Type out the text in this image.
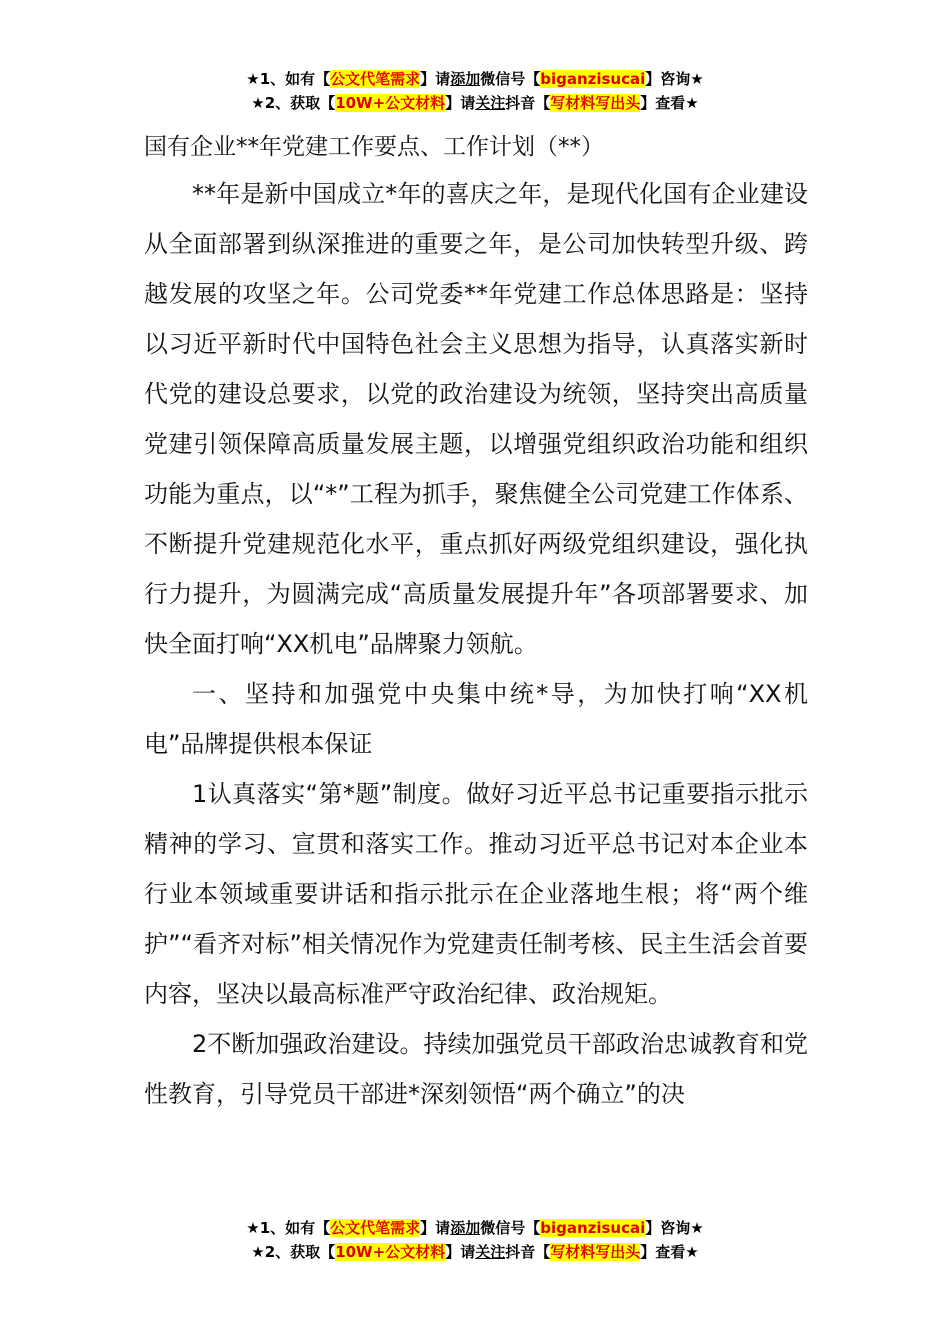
★1、如有【公文代笔需求】请添加微信号【biganzisucai】咨询★
★2、获取【10W+公文材料】请关注抖音【写材料写出头】查看★

国有企业**年党建工作要点、工作计划（**）

**年是新中国成立*年的喜庆之年，是现代化国有企业建设从全面部署到纵深推进的重要之年，是公司加快转型升级、跨越发展的攻坚之年。公司党委**年党建工作总体思路是：坚持以习近平新时代中国特色社会主义思想为指导，认真落实新时代党的建设总要求，以党的政治建设为统领，坚持突出高质量党建引领保障高质量发展主题，以增强党组织政治功能和组织功能为重点，以“*”工程为抓手，聚焦健全公司党建工作体系、不断提升党建规范化水平，重点抓好两级党组织建设，强化执行力提升，为圆满完成“高质量发展提升年”各项部署要求、加快全面打响“XX机电”品牌聚力领航。

一、坚持和加强党中央集中统*导，为加快打响“XX机电”品牌提供根本保证

1认真落实“第*题”制度。做好习近平总书记重要指示批示精神的学习、宣贯和落实工作。推动习近平总书记对本企业本行业本领域重要讲话和指示批示在企业落地生根；将“两个维护”“看齐对标”相关情况作为党建责任制考核、民主生活会首要内容，坚决以最高标准严守政治纪律、政治规矩。

2不断加强政治建设。持续加强党员干部政治忠诚教育和党性教育，引导党员干部进*深刻领悟“两个确立”的决

★1、如有【公文代笔需求】请添加微信号【biganzisucai】咨询★
★2、获取【10W+公文材料】请关注抖音【写材料写出头】查看★
